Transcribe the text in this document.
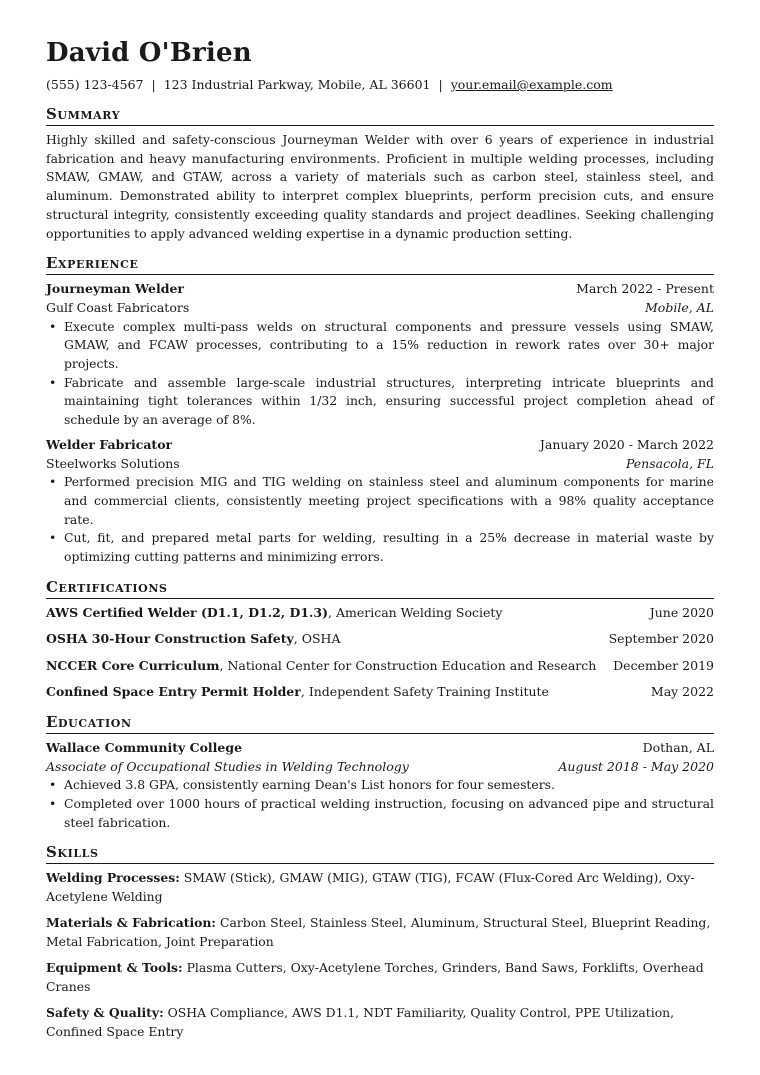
David O'Brien
(555) 123-4567 | 123 Industrial Parkway, Mobile, AL 36601 | your.email@example.com
Summary

Highly skilled and safety-conscious Journeyman Welder with over 6 years of experience in industrial fabrication and heavy manufacturing environments. Proficient in multiple welding processes, including SMAW, GMAW, and GTAW, across a variety of materials such as carbon steel, stainless steel, and aluminum. Demonstrated ability to interpret complex blueprints, perform precision cuts, and ensure structural integrity, consistently exceeding quality standards and project deadlines. Seeking challenging opportunities to apply advanced welding expertise in a dynamic production setting.

Experience
Journeyman Welder	March 2022 - Present
Gulf Coast Fabricators	Mobile, AL
• Execute complex multi-pass welds on structural components and pressure vessels using SMAW, GMAW, and FCAW processes, contributing to a 15% reduction in rework rates over 30+ major projects.
• Fabricate and assemble large-scale industrial structures, interpreting intricate blueprints and maintaining tight tolerances within 1/32 inch, ensuring successful project completion ahead of schedule by an average of 8%.
Welder Fabricator	January 2020 - March 2022
Steelworks Solutions	Pensacola, FL
• Performed precision MIG and TIG welding on stainless steel and aluminum components for marine and commercial clients, consistently meeting project specifications with a 98% quality acceptance rate.
• Cut, fit, and prepared metal parts for welding, resulting in a 25% decrease in material waste by optimizing cutting patterns and minimizing errors.
Certifications
AWS Certified Welder (D1.1, D1.2, D1.3), American Welding Society	June 2020
OSHA 30-Hour Construction Safety, OSHA	September 2020
NCCER Core Curriculum, National Center for Construction Education and Research December 2019
Confined Space Entry Permit Holder, Independent Safety Training Institute	May 2022
Education
Wallace Community College	Dothan, AL
Associate of Occupational Studies in Welding Technology	August 2018 - May 2020
• Achieved 3.8 GPA, consistently earning Dean's List honors for four semesters.
• Completed over 1000 hours of practical welding instruction, focusing on advanced pipe and structural steel fabrication.
Skills
Welding Processes: SMAW (Stick), GMAW (MIG), GTAW (TIG), FCAW (Flux-Cored Arc Welding), Oxy-Acetylene Welding
Materials & Fabrication: Carbon Steel, Stainless Steel, Aluminum, Structural Steel, Blueprint Reading, Metal Fabrication, Joint Preparation
Equipment & Tools: Plasma Cutters, Oxy-Acetylene Torches, Grinders, Band Saws, Forklifts, Overhead Cranes
Safety & Quality: OSHA Compliance, AWS D1.1, NDT Familiarity, Quality Control, PPE Utilization, Confined Space Entry
